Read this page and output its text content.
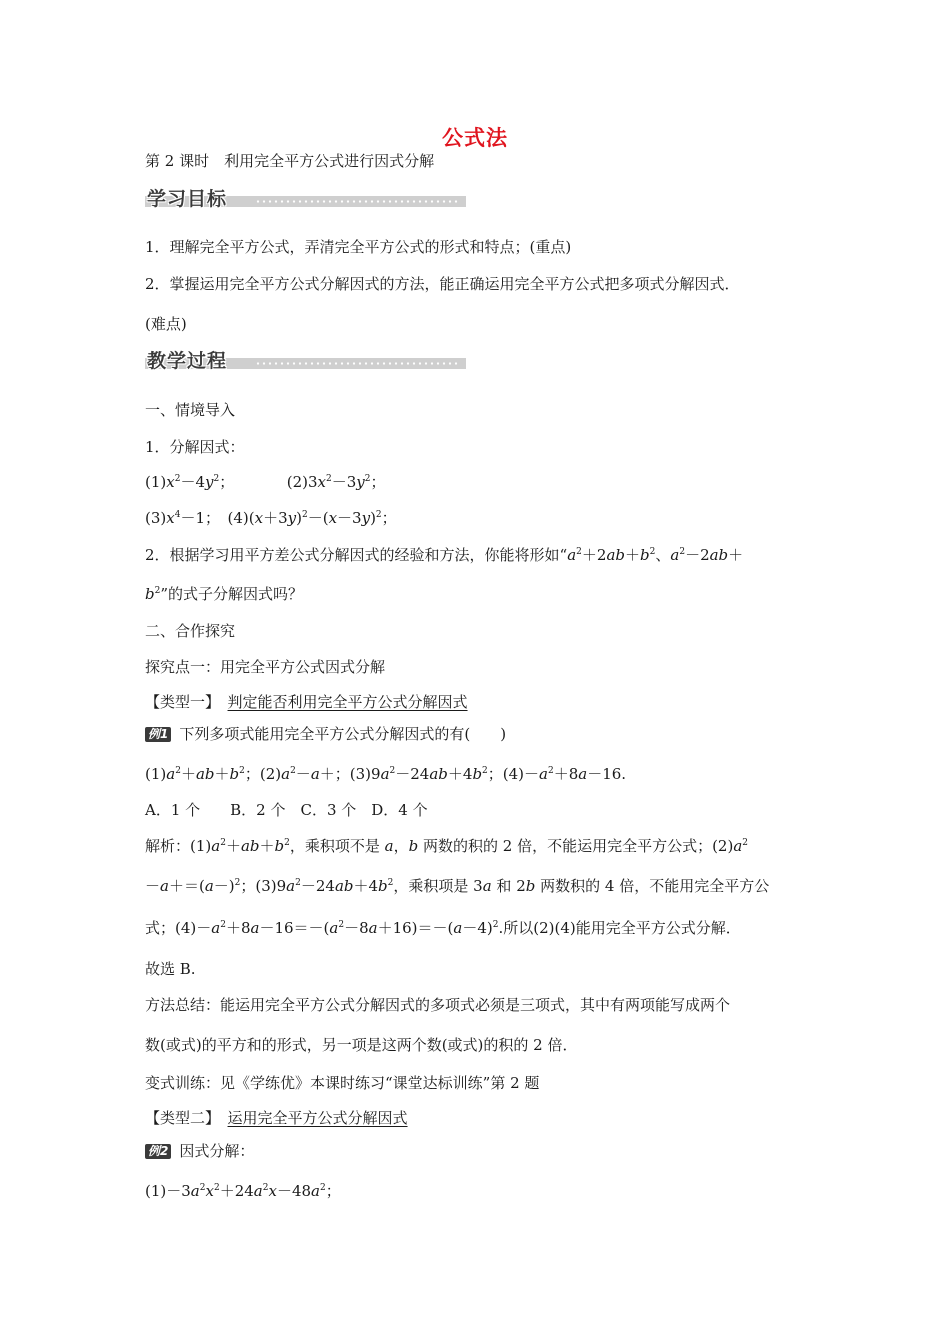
公式法
第 2 课时　利用完全平方公式进行因式分解
学习目标
1．理解完全平方公式，弄清完全平方公式的形式和特点；(重点)
2．掌握运用完全平方公式分解因式的方法，能正确运用完全平方公式把多项式分解因式．
(难点)
教学过程
一、情境导入
1．分解因式：
$(1)x^2-4y^2$；　　　　$(2)3x^2-3y^2$；
$(3)x^4-1$；　$(4)(x+3y)^2-(x-3y)^2$；
2．根据学习用平方差公式分解因式的经验和方法，你能将形如“$a^2+2ab+b^2$、$a^2-2ab+$
$b^2$”的式子分解因式吗？
二、合作探究
探究点一：用完全平方公式因式分解
【类型一】　 判定能否利用完全平方公式分解因式
例1 下列多项式能用完全平方公式分解因式的有(　　)
$(1)a^2+ab+b^2$；$(2)a^2-a+$；$(3)9a^2-24ab+4b^2$；$(4)-a^2+8a-16$.
A．1 个　　B．2 个　C．3 个　D．4 个
解析：$(1)a^2+ab+b^2$，乘积项不是 a，b 两数的积的 2 倍，不能运用完全平方公式；$(2)a^2$
$-a+=(a-)^2$；$(3)9a^2-24ab+4b^2$，乘积项是 3a 和 2b 两数积的 4 倍，不能用完全平方公
式；$(4)-a^2+8a-16=-(a^2-8a+16)=-(a-4)^2$.所以(2)(4)能用完全平方公式分解．
故选 B.
方法总结：能运用完全平方公式分解因式的多项式必须是三项式，其中有两项能写成两个
数(或式)的平方和的形式，另一项是这两个数(或式)的积的 2 倍．
变式训练：见《学练优》本课时练习“课堂达标训练”第 2 题
【类型二】　 运用完全平方公式分解因式
例2 因式分解：
$(1)-3a^2x^2+24a^2x-48a^2$；
